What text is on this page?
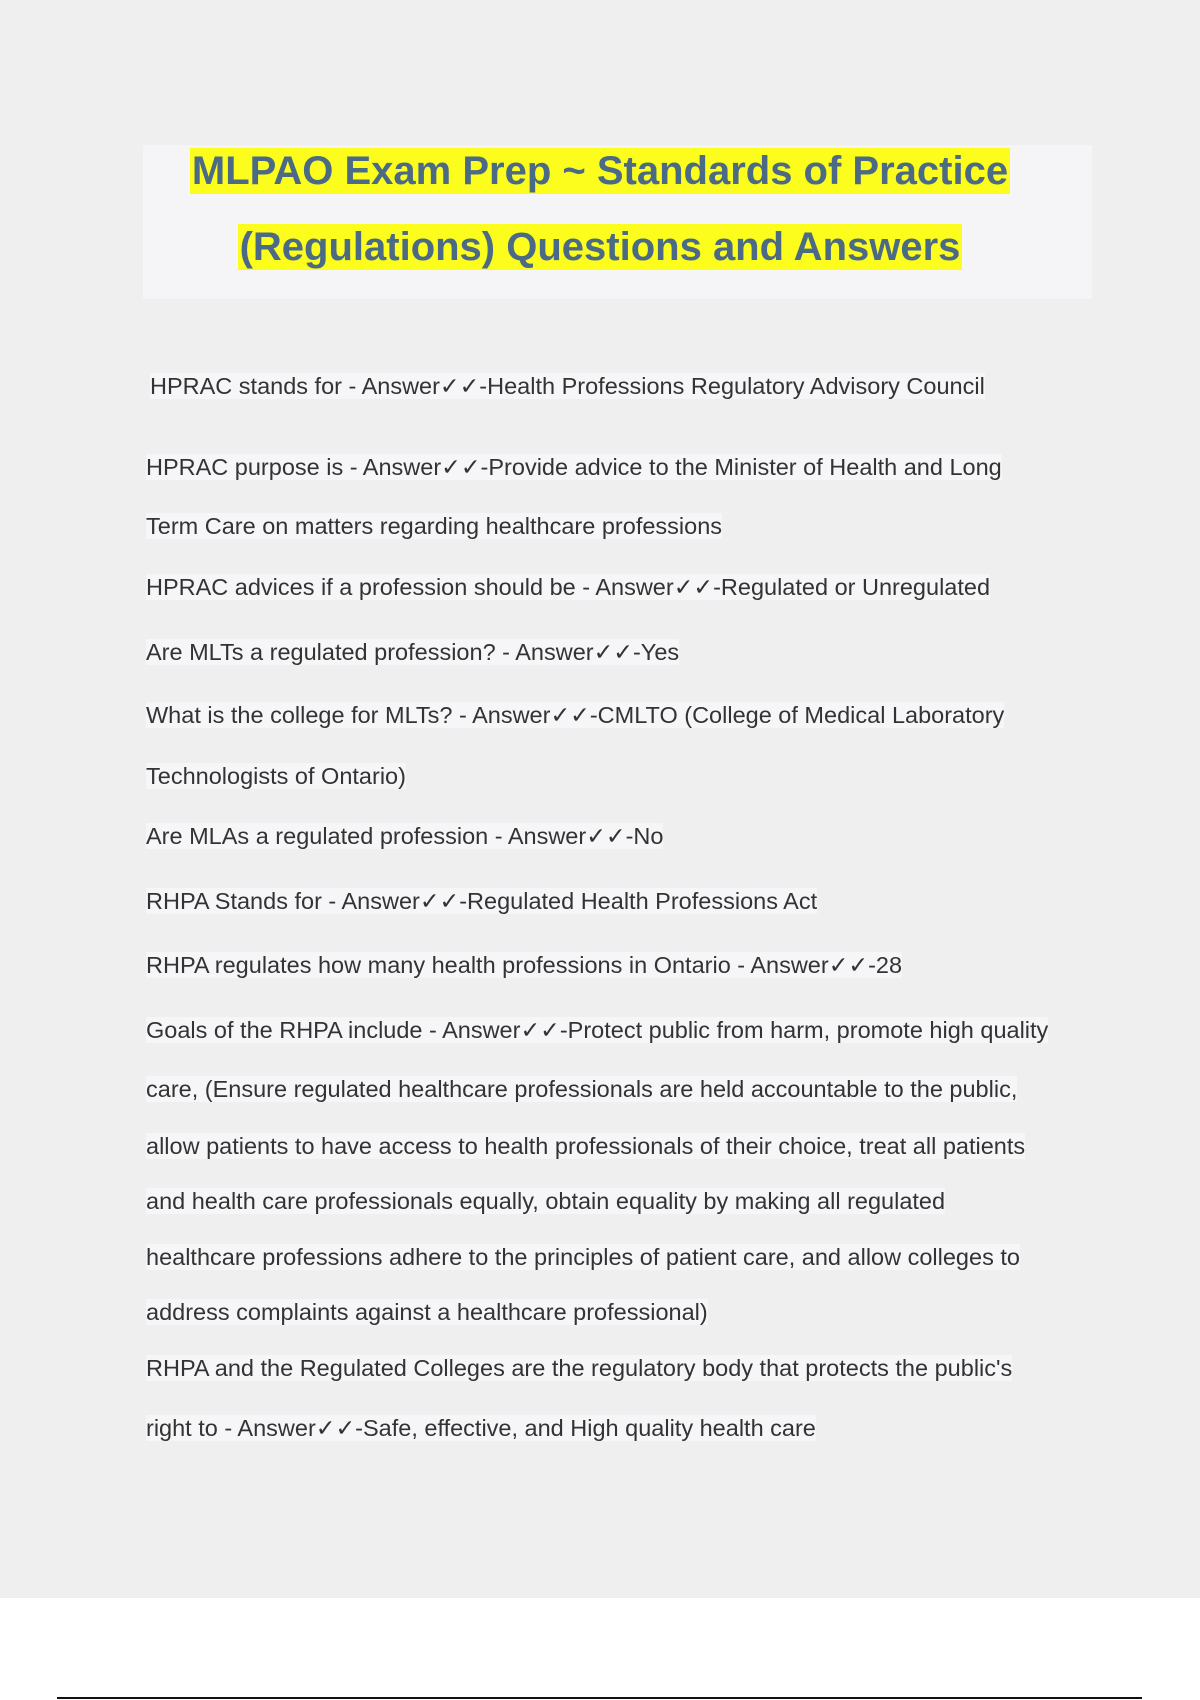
MLPAO Exam Prep ~ Standards of Practice
(Regulations) Questions and Answers
HPRAC stands for - Answer✓✓-Health Professions Regulatory Advisory Council
HPRAC purpose is - Answer✓✓-Provide advice to the Minister of Health and Long
Term Care on matters regarding healthcare professions
HPRAC advices if a profession should be - Answer✓✓-Regulated or Unregulated
Are MLTs a regulated profession? - Answer✓✓-Yes
What is the college for MLTs? - Answer✓✓-CMLTO (College of Medical Laboratory
Technologists of Ontario)
Are MLAs a regulated profession - Answer✓✓-No
RHPA Stands for - Answer✓✓-Regulated Health Professions Act
RHPA regulates how many health professions in Ontario - Answer✓✓-28
Goals of the RHPA include - Answer✓✓-Protect public from harm, promote high quality
care, (Ensure regulated healthcare professionals are held accountable to the public,
allow patients to have access to health professionals of their choice, treat all patients
and health care professionals equally, obtain equality by making all regulated
healthcare professions adhere to the principles of patient care, and allow colleges to
address complaints against a healthcare professional)
RHPA and the Regulated Colleges are the regulatory body that protects the public's
right to - Answer✓✓-Safe, effective, and High quality health care
